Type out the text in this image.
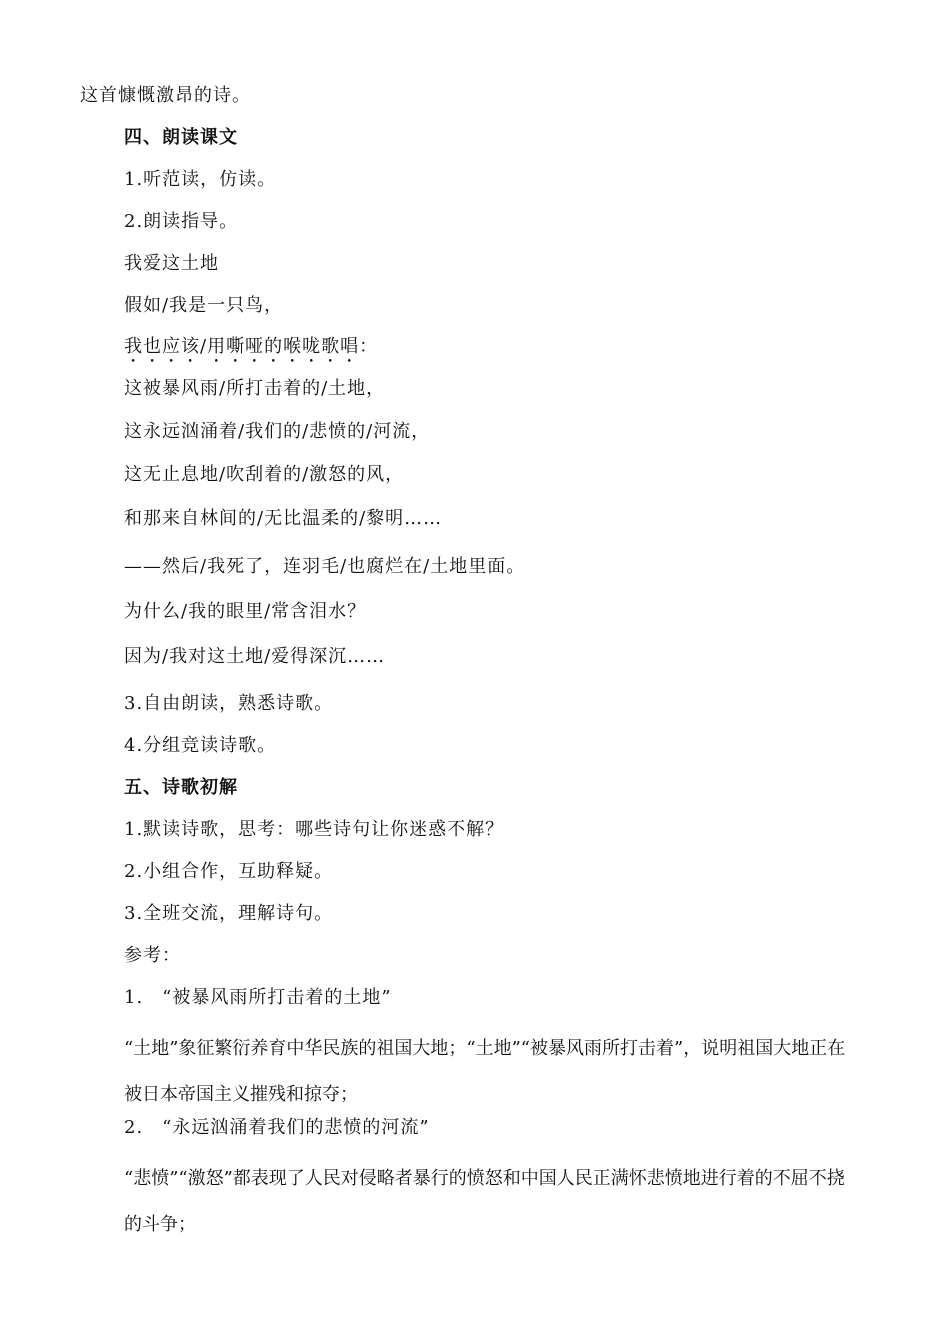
这首慷慨激昂的诗。
四、朗读课文
1.听范读，仿读。
2.朗读指导。
我爱这土地
假如/我是一只鸟，
我也应该/用嘶哑的喉咙歌唱：
这被暴风雨/所打击着的/土地，
这永远汹涌着/我们的/悲愤的/河流，
这无止息地/吹刮着的/激怒的风，
和那来自林间的/无比温柔的/黎明……
——然后/我死了，连羽毛/也腐烂在/土地里面。
为什么/我的眼里/常含泪水？
因为/我对这土地/爱得深沉……
3.自由朗读，熟悉诗歌。
4.分组竞读诗歌。
五、诗歌初解
1.默读诗歌，思考：哪些诗句让你迷惑不解？
2.小组合作，互助释疑。
3.全班交流，理解诗句。
参考：
1.　“被暴风雨所打击着的土地”
“土地”象征繁衍养育中华民族的祖国大地；“土地”“被暴风雨所打击着”，说明祖国大地正在被日本帝国主义摧残和掠夺；
2.　“永远汹涌着我们的悲愤的河流”
“悲愤”“激怒”都表现了人民对侵略者暴行的愤怒和中国人民正满怀悲愤地进行着的不屈不挠的斗争；
